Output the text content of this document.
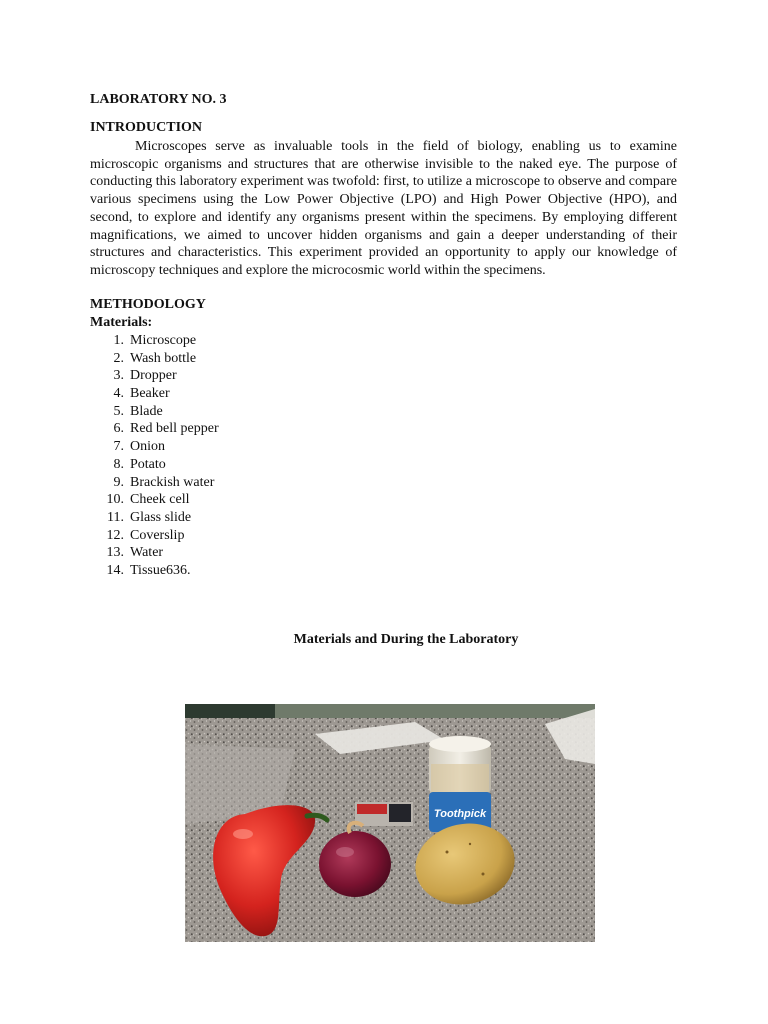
LABORATORY NO. 3

INTRODUCTION

Microscopes serve as invaluable tools in the field of biology, enabling us to examine microscopic organisms and structures that are otherwise invisible to the naked eye. The purpose of conducting this laboratory experiment was twofold: first, to utilize a microscope to observe and compare various specimens using the Low Power Objective (LPO) and High Power Objective (HPO), and second, to explore and identify any organisms present within the specimens. By employing different magnifications, we aimed to uncover hidden organisms and gain a deeper understanding of their structures and characteristics. This experiment provided an opportunity to apply our knowledge of microscopy techniques and explore the microcosmic world within the specimens.

METHODOLOGY

Materials:

1. Microscope
2. Wash bottle
3. Dropper
4. Beaker
5. Blade
6. Red bell pepper
7. Onion
8. Potato
9. Brackish water
10. Cheek cell
11. Glass slide
12. Coverslip
13. Water
14. Tissue636.

Materials and During the Laboratory

Toothpick
